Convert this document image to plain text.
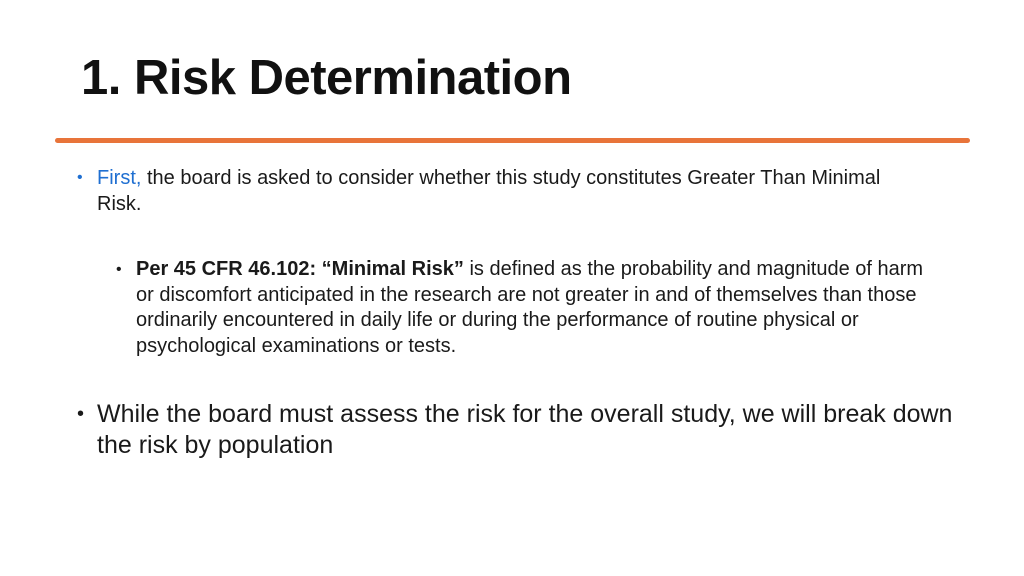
1. Risk Determination
• First, the board is asked to consider whether this study constitutes Greater Than Minimal Risk.
• Per 45 CFR 46.102: “Minimal Risk” is defined as the probability and magnitude of harm or discomfort anticipated in the research are not greater in and of themselves than those ordinarily encountered in daily life or during the performance of routine physical or psychological examinations or tests.
• While the board must assess the risk for the overall study, we will break down the risk by population
